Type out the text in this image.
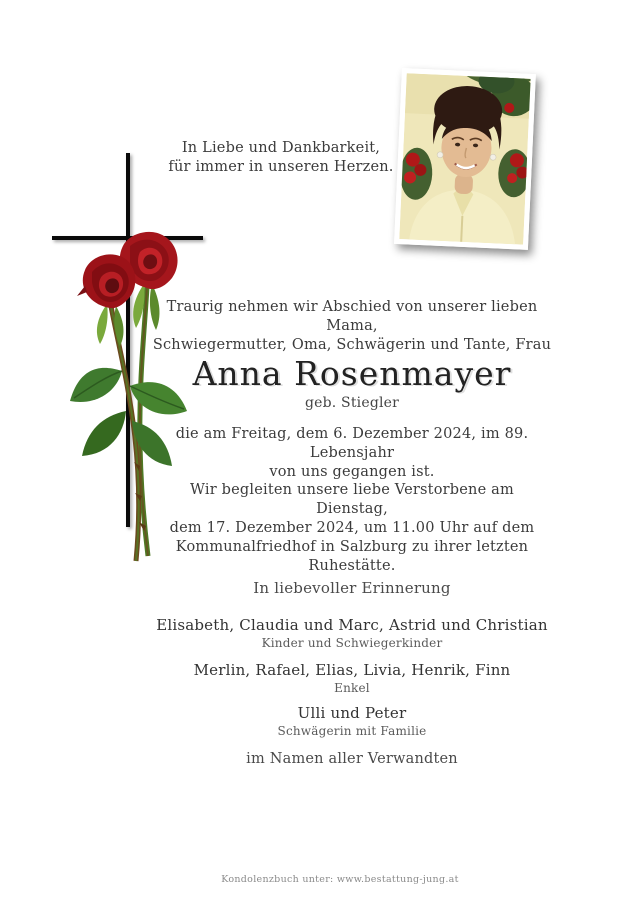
In Liebe und Dankbarkeit,
für immer in unseren Herzen.
Traurig nehmen wir Abschied von unserer lieben Mama,
Schwiegermutter, Oma, Schwägerin und Tante, Frau
Anna Rosenmayer
geb. Stiegler
die am Freitag, dem 6. Dezember 2024, im 89. Lebensjahr
von uns gegangen ist.
Wir begleiten unsere liebe Verstorbene am Dienstag,
dem 17. Dezember 2024, um 11.00 Uhr auf dem
Kommunalfriedhof in Salzburg zu ihrer letzten Ruhestätte.
In liebevoller Erinnerung
Elisabeth, Claudia und Marc, Astrid und Christian
Kinder und Schwiegerkinder
Merlin, Rafael, Elias, Livia, Henrik, Finn
Enkel
Ulli und Peter
Schwägerin mit Familie
im Namen aller Verwandten
Kondolenzbuch unter: www.bestattung-jung.at
